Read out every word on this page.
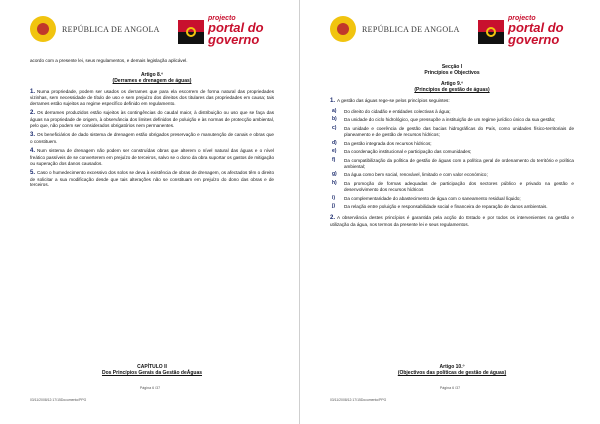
REPÚBLICA DE ANGOLA
projecto
portal do
governo

acordo com a presente lei, seus regulamentos, e demais legislação aplicável.

Artigo 8.º
(Derrames e drenagem de águas)

1. Numa propriedade, podem ser usados os derrames que para ela escorrem de forma natural das propriedades vizinhas, sem necessidade de título de uso e sem prejuízo dos direitos dos titulares das propriedades em causa; tais derrames estão sujeitos ao regime específico definido em regulamento.

2. Os derrames produzidos estão sujeitos às contingências do caudal maior, à distribuição ou uso que se faça das águas na propriedade de origem, à observância dos limites definidos de poluição e às normas de protecção ambiental, pelo que, não podem ser considerados obrigatórios nem permanentes.

3. Os beneficiários de dado sistema de drenagem estão obrigados preservação e manutenção de canais e obras que o constituem.

4. Num sistema de drenagem não podem ser construídas obras que alterem o nível natural das águas e o nível freático passíveis de se converterem em prejuízo de terceiros, salvo se o dono da obra suportar os gastos de mitigação ou superação dos danos causados.

5. Caso o humedecimento excessivo dos solos se deva à existência de obras de drenagem, os afectados têm o direito de solicitar a sua modificação desde que tais alterações não se constituam em prejuízo do dono das obras e de terceiros.

CAPÍTULO II
Dos Princípios Gerais da Gestão deÁguas
Página 6 /37
03/11/2008/12:17/15Documento/PPG
REPÚBLICA DE ANGOLA
projecto
portal do
governo
Secção I
Princípios e Objectivos
Artigo 9.º
(Princípios de gestão de águas)

1. A gestão das águas rege-se pelos princípios seguintes:

a) Do direito do cidadão e entidades colectivas à água;
b) Da unidade do ciclo hidrológico, que pressupõe a instituição de um regime jurídico único da sua gestão;
c) Da unidade e coerência de gestão das bacias hidrográficas do País, como unidades físico-territoriais de planeamento e de gestão de recursos hídricos;
d) Da gestão integrada dos recursos hídricos;
e) Da coordenação institucional e participação das comunidades;
f) Da compatibilização da política de gestão de águas com a política geral de ordenamento do território e política ambiental;
g) Da água como bem social, renovável, limitado e com valor económico;
h) Da promoção de formas adequadas de participação dos sectores público e privado na gestão e desenvolvimento dos recursos hídricos
i) Da complementaridade do abastecimento de água com o saneamento residual líquido;
j) Da relação entre poluição e responsabilidade social e financeira de reparação de danos ambientais.

2. A observância destes princípios é garantida pela acção do Estado e por todos os intervenientes na gestão e utilização da água, nos termos da presente lei e seus regulamentos.

Artigo 10.º
(Objectivos das políticas de gestão de águas)
Página 6 /37
03/11/2008/12:17/15Documento/PPG
